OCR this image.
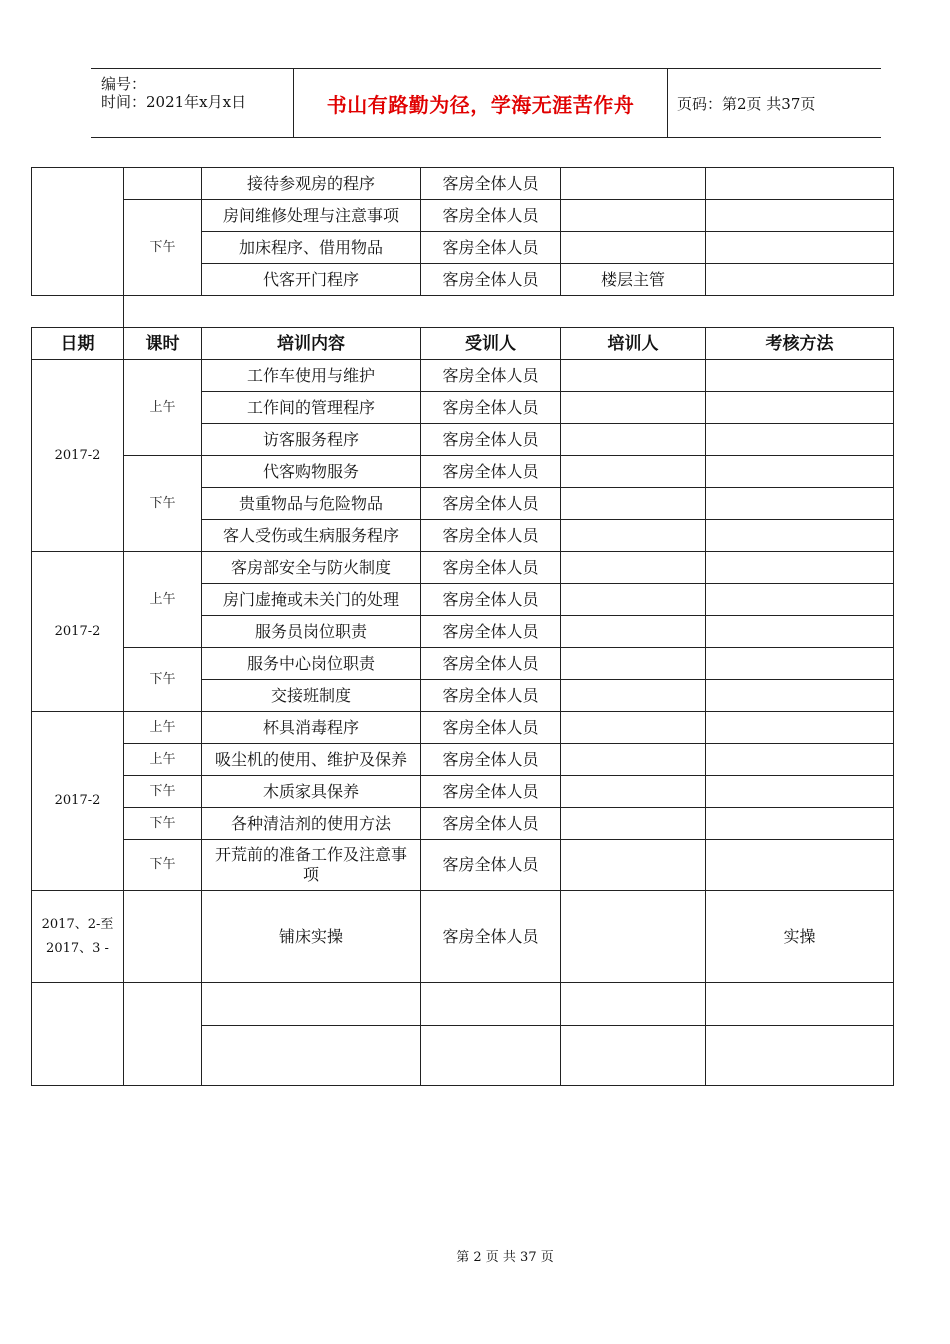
编号：
时间：2021年x月x日	书山有路勤为径，学海无涯苦作舟	页码：第2页 共37页
		接待参观房的程序	客房全体人员		
	下午	房间维修处理与注意事项	客房全体人员		
		加床程序、借用物品	客房全体人员		
		代客开门程序	客房全体人员	楼层主管	

日期	课时	培训内容	受训人	培训人	考核方法
2017-2	上午	工作车使用与维护	客房全体人员		
		工作间的管理程序	客房全体人员		
		访客服务程序	客房全体人员		
	下午	代客购物服务	客房全体人员		
		贵重物品与危险物品	客房全体人员		
		客人受伤或生病服务程序	客房全体人员		
2017-2	上午	客房部安全与防火制度	客房全体人员		
		房门虚掩或未关门的处理	客房全体人员		
		服务员岗位职责	客房全体人员		
	下午	服务中心岗位职责	客房全体人员		
		交接班制度	客房全体人员		
2017-2	上午	杯具消毒程序	客房全体人员		
	上午	吸尘机的使用、维护及保养	客房全体人员		
	下午	木质家具保养	客房全体人员		
	下午	各种清洁剂的使用方法	客房全体人员		
	下午	开荒前的准备工作及注意事项	客房全体人员		
2017、2-至
2017、3 -		铺床实操	客房全体人员		实操

第 2 页 共 37 页
